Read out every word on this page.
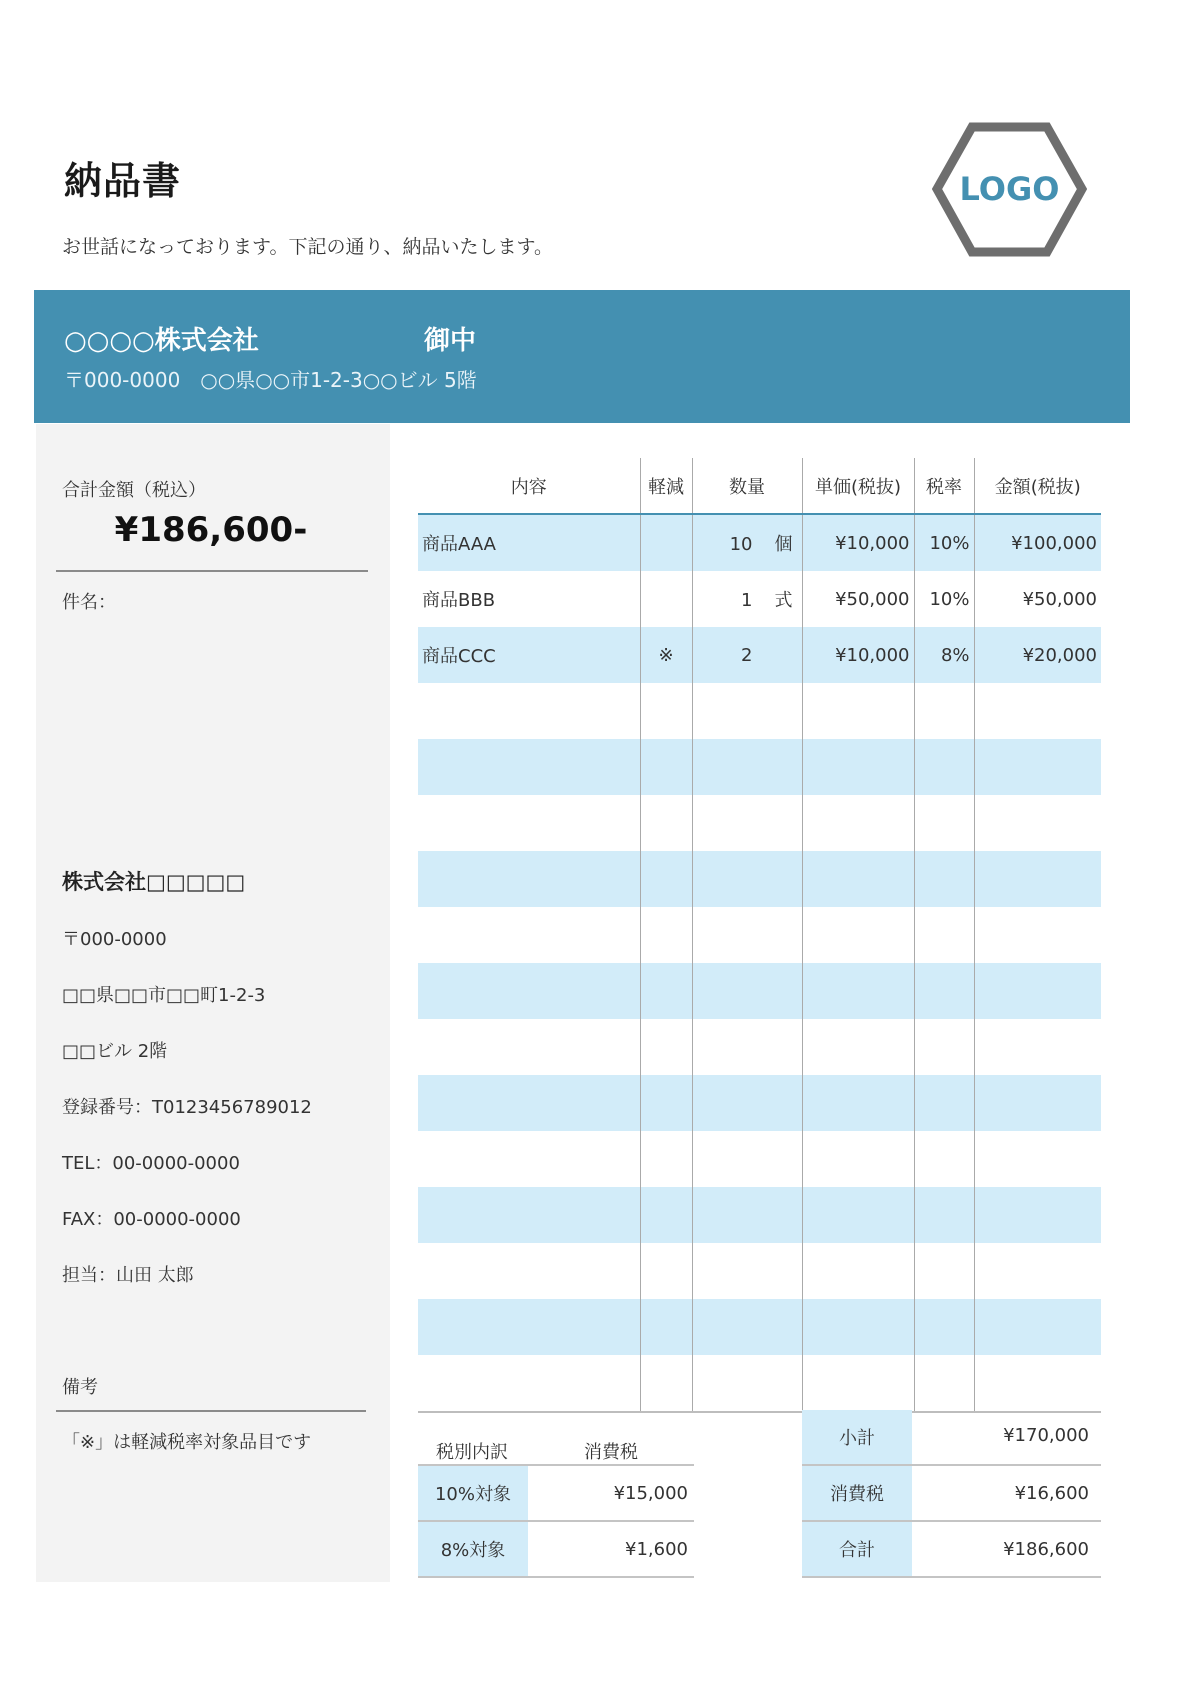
納品書
お世話になっております。下記の通り、納品いたします。
LOGO
○○○○株式会社	御中
〒000-0000　○○県○○市1-2-3○○ビル 5階
合計金額（税込）
¥186,600-
件名：
株式会社□□□□□
〒000-0000
□□県□□市□□町1-2-3
□□ビル 2階
登録番号：T0123456789012
TEL：00-0000-0000
FAX：00-0000-0000
担当：山田 太郎
備考
「※」は軽減税率対象品目です
内容	軽減	数量	単価(税抜)	税率	金額(税抜)
商品AAA		10 個	¥10,000	10%	¥100,000
商品BBB		1 式	¥50,000	10%	¥50,000
商品CCC	※	2	¥10,000	8%	¥20,000

税別内訳	消費税
10%対象	¥15,000
8%対象	¥1,600
小計	¥170,000
消費税	¥16,600
合計	¥186,600
